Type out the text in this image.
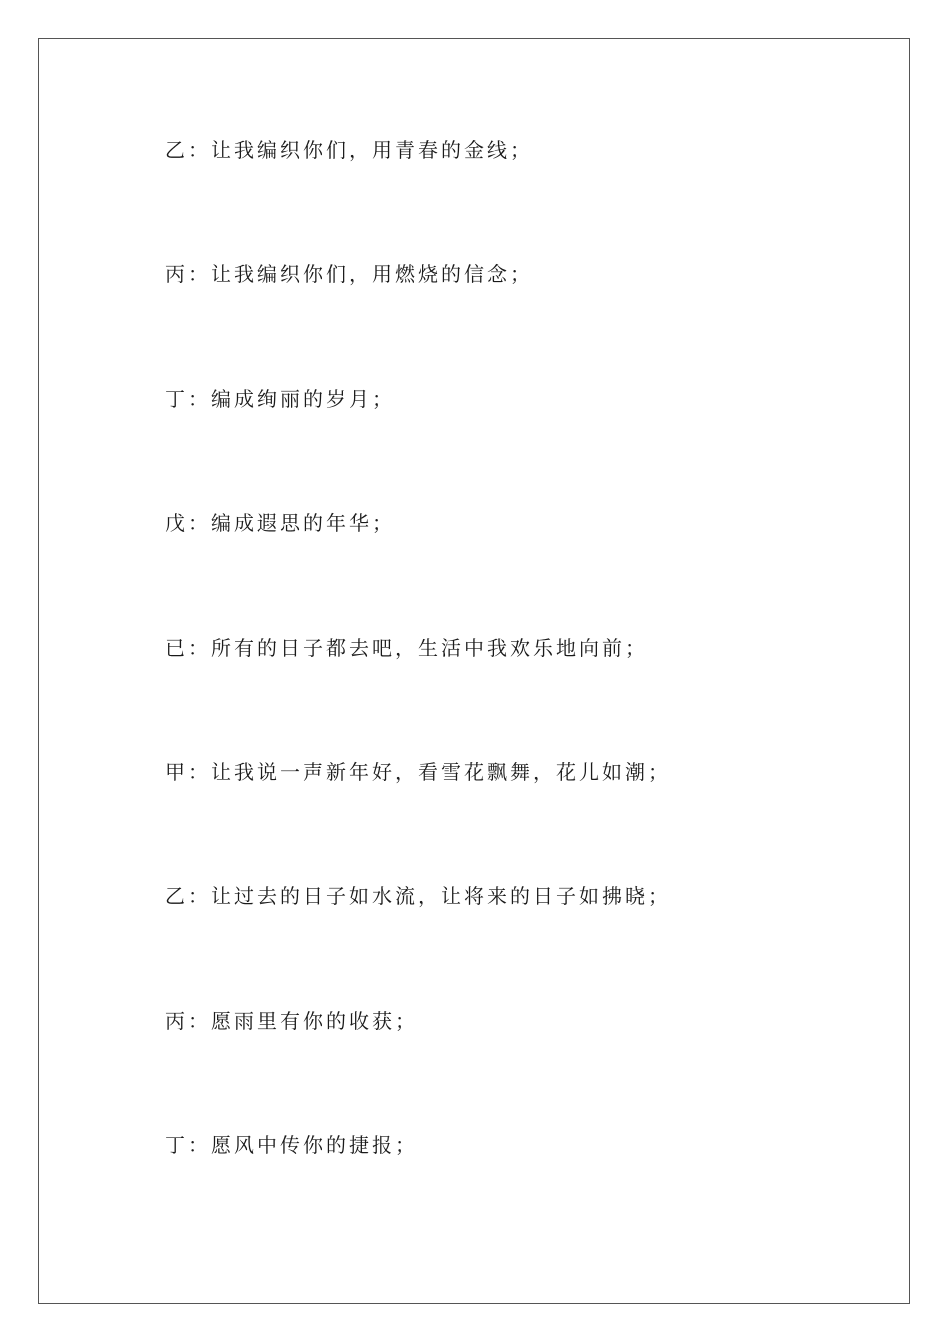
乙：让我编织你们，用青春的金线；
丙：让我编织你们，用燃烧的信念；
丁：编成绚丽的岁月；
戊：编成遐思的年华；
已：所有的日子都去吧，生活中我欢乐地向前；
甲：让我说一声新年好，看雪花飘舞，花儿如潮；
乙：让过去的日子如水流，让将来的日子如拂晓；
丙：愿雨里有你的收获；
丁：愿风中传你的捷报；
